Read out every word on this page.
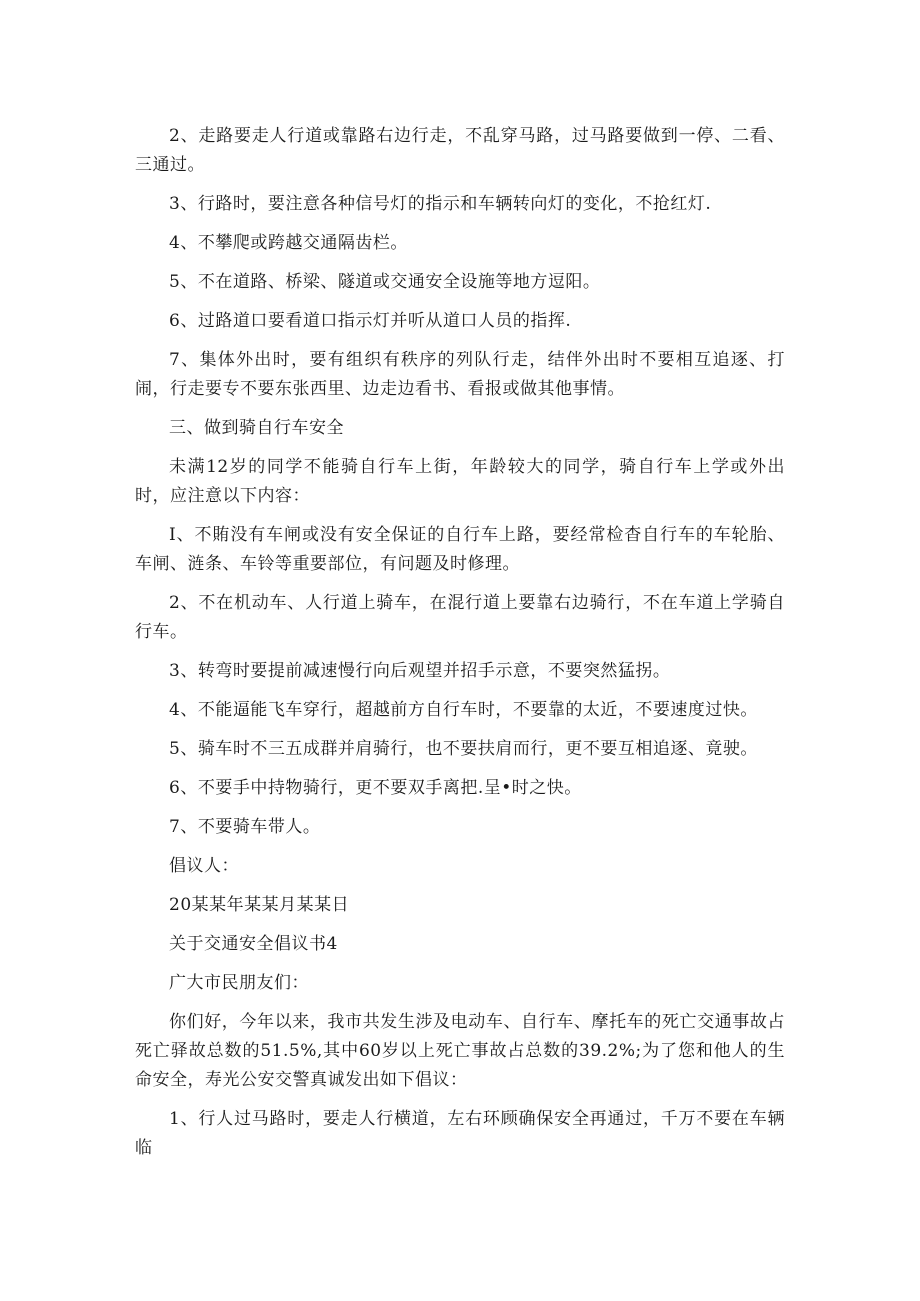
2、走路要走人行道或靠路右边行走，不乱穿马路，过马路要做到一停、二看、三通过。

3、行路时，要注意各种信号灯的指示和车辆转向灯的变化，不抢红灯.

4、不攀爬或跨越交通隔齿栏。

5、不在道路、桥梁、隧道或交通安全设施等地方逗阳。

6、过路道口要看道口指示灯并听从道口人员的指挥.

7、集体外出时，要有组织有秩序的列队行走，结伴外出时不要相互追逐、打闹，行走要专不要东张西里、边走边看书、看报或做其他事情。

三、做到骑自行车安全

未满12岁的同学不能骑自行车上街，年龄较大的同学，骑自行车上学或外出时，应注意以下内容：

I、不賄没有车闸或没有安全保证的自行车上路，要经常检杳自行车的车轮胎、车闸、涟条、车铃等重要部位，有问题及时修理。

2、不在机动车、人行道上骑车，在混行道上要靠右边骑行，不在车道上学骑自行车。

3、转弯时要提前减速慢行向后观望并招手示意，不要突然猛拐。

4、不能逼能飞车穿行，超越前方自行车时，不要靠的太近，不要速度过快。

5、骑车时不三五成群并肩骑行，也不要扶肩而行，更不要互相追逐、竟驶。

6、不要手中持物骑行，更不要双手离把.呈•时之快。

7、不要骑车带人。

倡议人：

20某某年某某月某某日

关于交通安全倡议书4

广大市民朋友们：

你们好，今年以来，我市共发生涉及电动车、自行车、摩托车的死亡交通事故占死亡驿故总数的51.5%,其中60岁以上死亡事故占总数的39.2%;为了您和他人的生命安全，寿光公安交警真诚发出如下倡议：

1、行人过马路时，要走人行横道，左右环顾确保安全再通过，千万不要在车辆临
